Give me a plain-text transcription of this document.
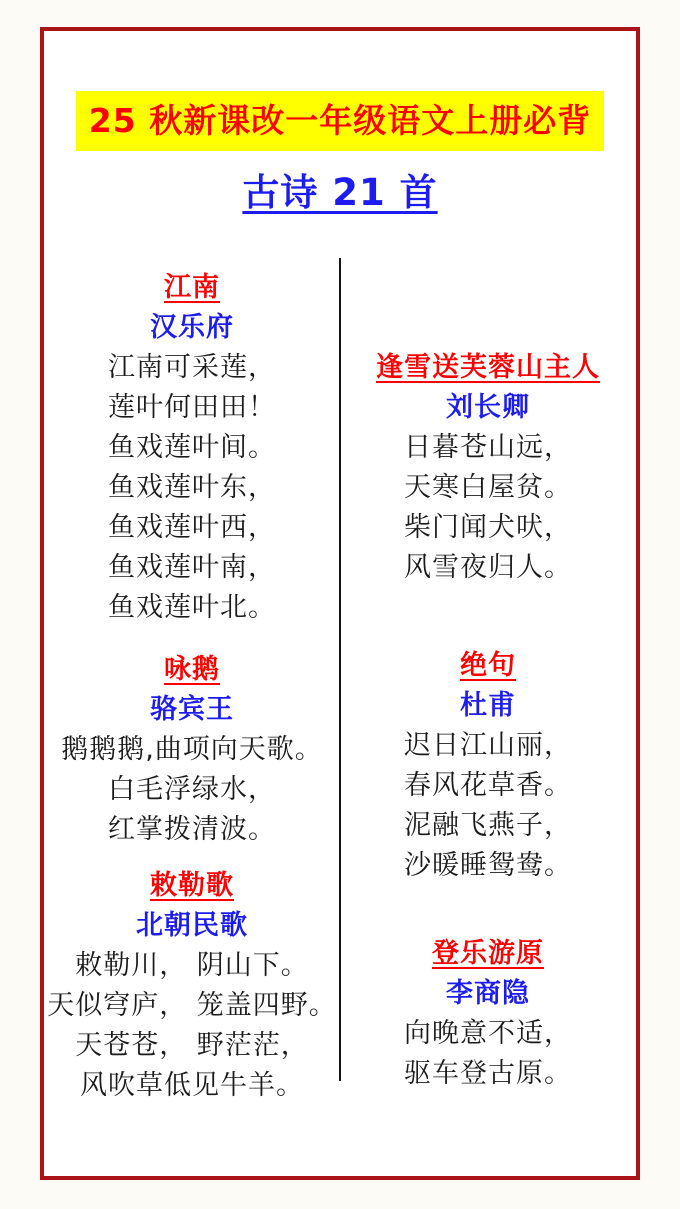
25 秋新课改一年级语文上册必背
古诗 21 首
江南
汉乐府
江南可采莲，
莲叶何田田！
鱼戏莲叶间。
鱼戏莲叶东，
鱼戏莲叶西，
鱼戏莲叶南，
鱼戏莲叶北。
咏鹅
骆宾王
鹅鹅鹅,曲项向天歌。
白毛浮绿水，
红掌拨清波。
敕勒歌
北朝民歌
敕勒川， 阴山下。
天似穹庐， 笼盖四野。
天苍苍， 野茫茫，
风吹草低见牛羊。
逢雪送芙蓉山主人
刘长卿
日暮苍山远，
天寒白屋贫。
柴门闻犬吠，
风雪夜归人。
绝句
杜甫
迟日江山丽，
春风花草香。
泥融飞燕子，
沙暖睡鸳鸯。
登乐游原
李商隐
向晚意不适，
驱车登古原。
